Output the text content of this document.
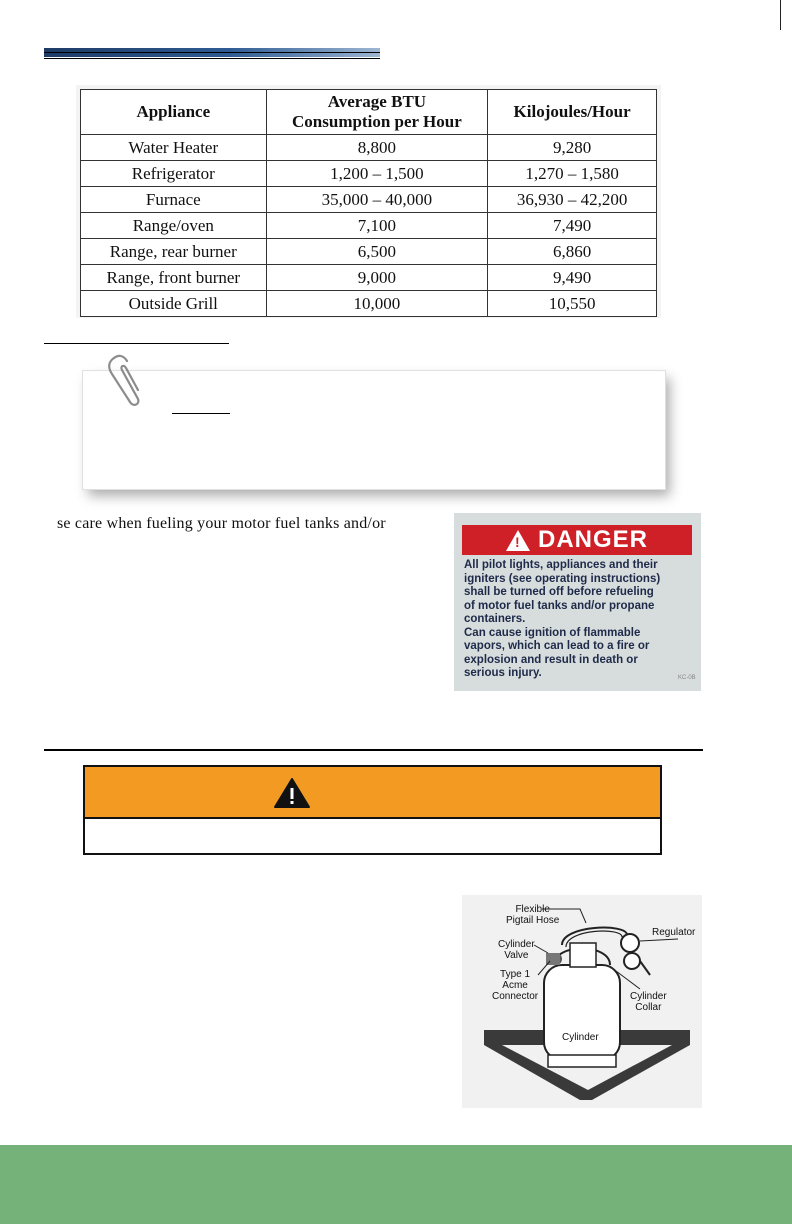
Appliance	Average BTU Consumption per Hour	Kilojoules/Hour
Water Heater	8,800	9,280
Refrigerator	1,200 – 1,500	1,270 – 1,580
Furnace	35,000 – 40,000	36,930 – 42,200
Range/oven	7,100	7,490
Range, rear burner	6,500	6,860
Range, front burner	9,000	9,490
Outside Grill	10,000	10,550
se care when fueling your motor fuel tanks and/or
! DANGER
All pilot lights, appliances and their
igniters (see operating instructions)
shall be turned off before refueling
of motor fuel tanks and/or propane
containers.
Can cause ignition of flammable
vapors, which can lead to a fire or
explosion and result in death or
serious injury.	KC-0B
Flexible
Pigtail Hose
Cylinder
Valve
Regulator
Type 1
Acme
Connector	Cylinder
Collar
Cylinder
